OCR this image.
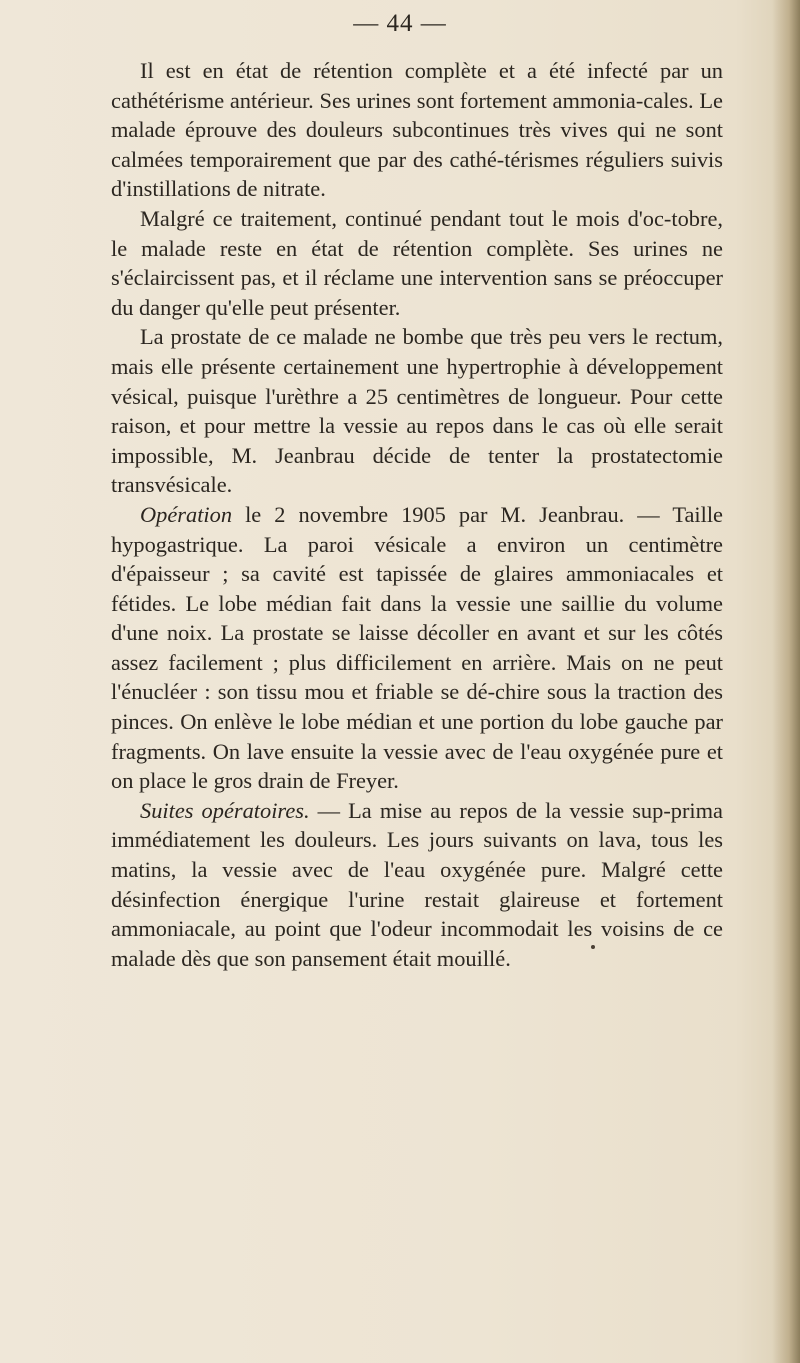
— 44 —

Il est en état de rétention complète et a été infecté par un cathétérisme antérieur. Ses urines sont fortement ammonia-cales. Le malade éprouve des douleurs subcontinues très vives qui ne sont calmées temporairement que par des cathé-térismes réguliers suivis d'instillations de nitrate.

Malgré ce traitement, continué pendant tout le mois d'oc-tobre, le malade reste en état de rétention complète. Ses urines ne s'éclaircissent pas, et il réclame une intervention sans se préoccuper du danger qu'elle peut présenter.

La prostate de ce malade ne bombe que très peu vers le rectum, mais elle présente certainement une hypertrophie à développement vésical, puisque l'urèthre a 25 centimètres de longueur. Pour cette raison, et pour mettre la vessie au repos dans le cas où elle serait impossible, M. Jeanbrau décide de tenter la prostatectomie transvésicale.

Opération le 2 novembre 1905 par M. Jeanbrau. — Taille hypogastrique. La paroi vésicale a environ un centimètre d'épaisseur ; sa cavité est tapissée de glaires ammoniacales et fétides. Le lobe médian fait dans la vessie une saillie du volume d'une noix. La prostate se laisse décoller en avant et sur les côtés assez facilement ; plus difficilement en arrière. Mais on ne peut l'énucléer : son tissu mou et friable se dé-chire sous la traction des pinces. On enlève le lobe médian et une portion du lobe gauche par fragments. On lave ensuite la vessie avec de l'eau oxygénée pure et on place le gros drain de Freyer.

Suites opératoires. — La mise au repos de la vessie sup-prima immédiatement les douleurs. Les jours suivants on lava, tous les matins, la vessie avec de l'eau oxygénée pure. Malgré cette désinfection énergique l'urine restait glaireuse et fortement ammoniacale, au point que l'odeur incommodait les voisins de ce malade dès que son pansement était mouillé.
